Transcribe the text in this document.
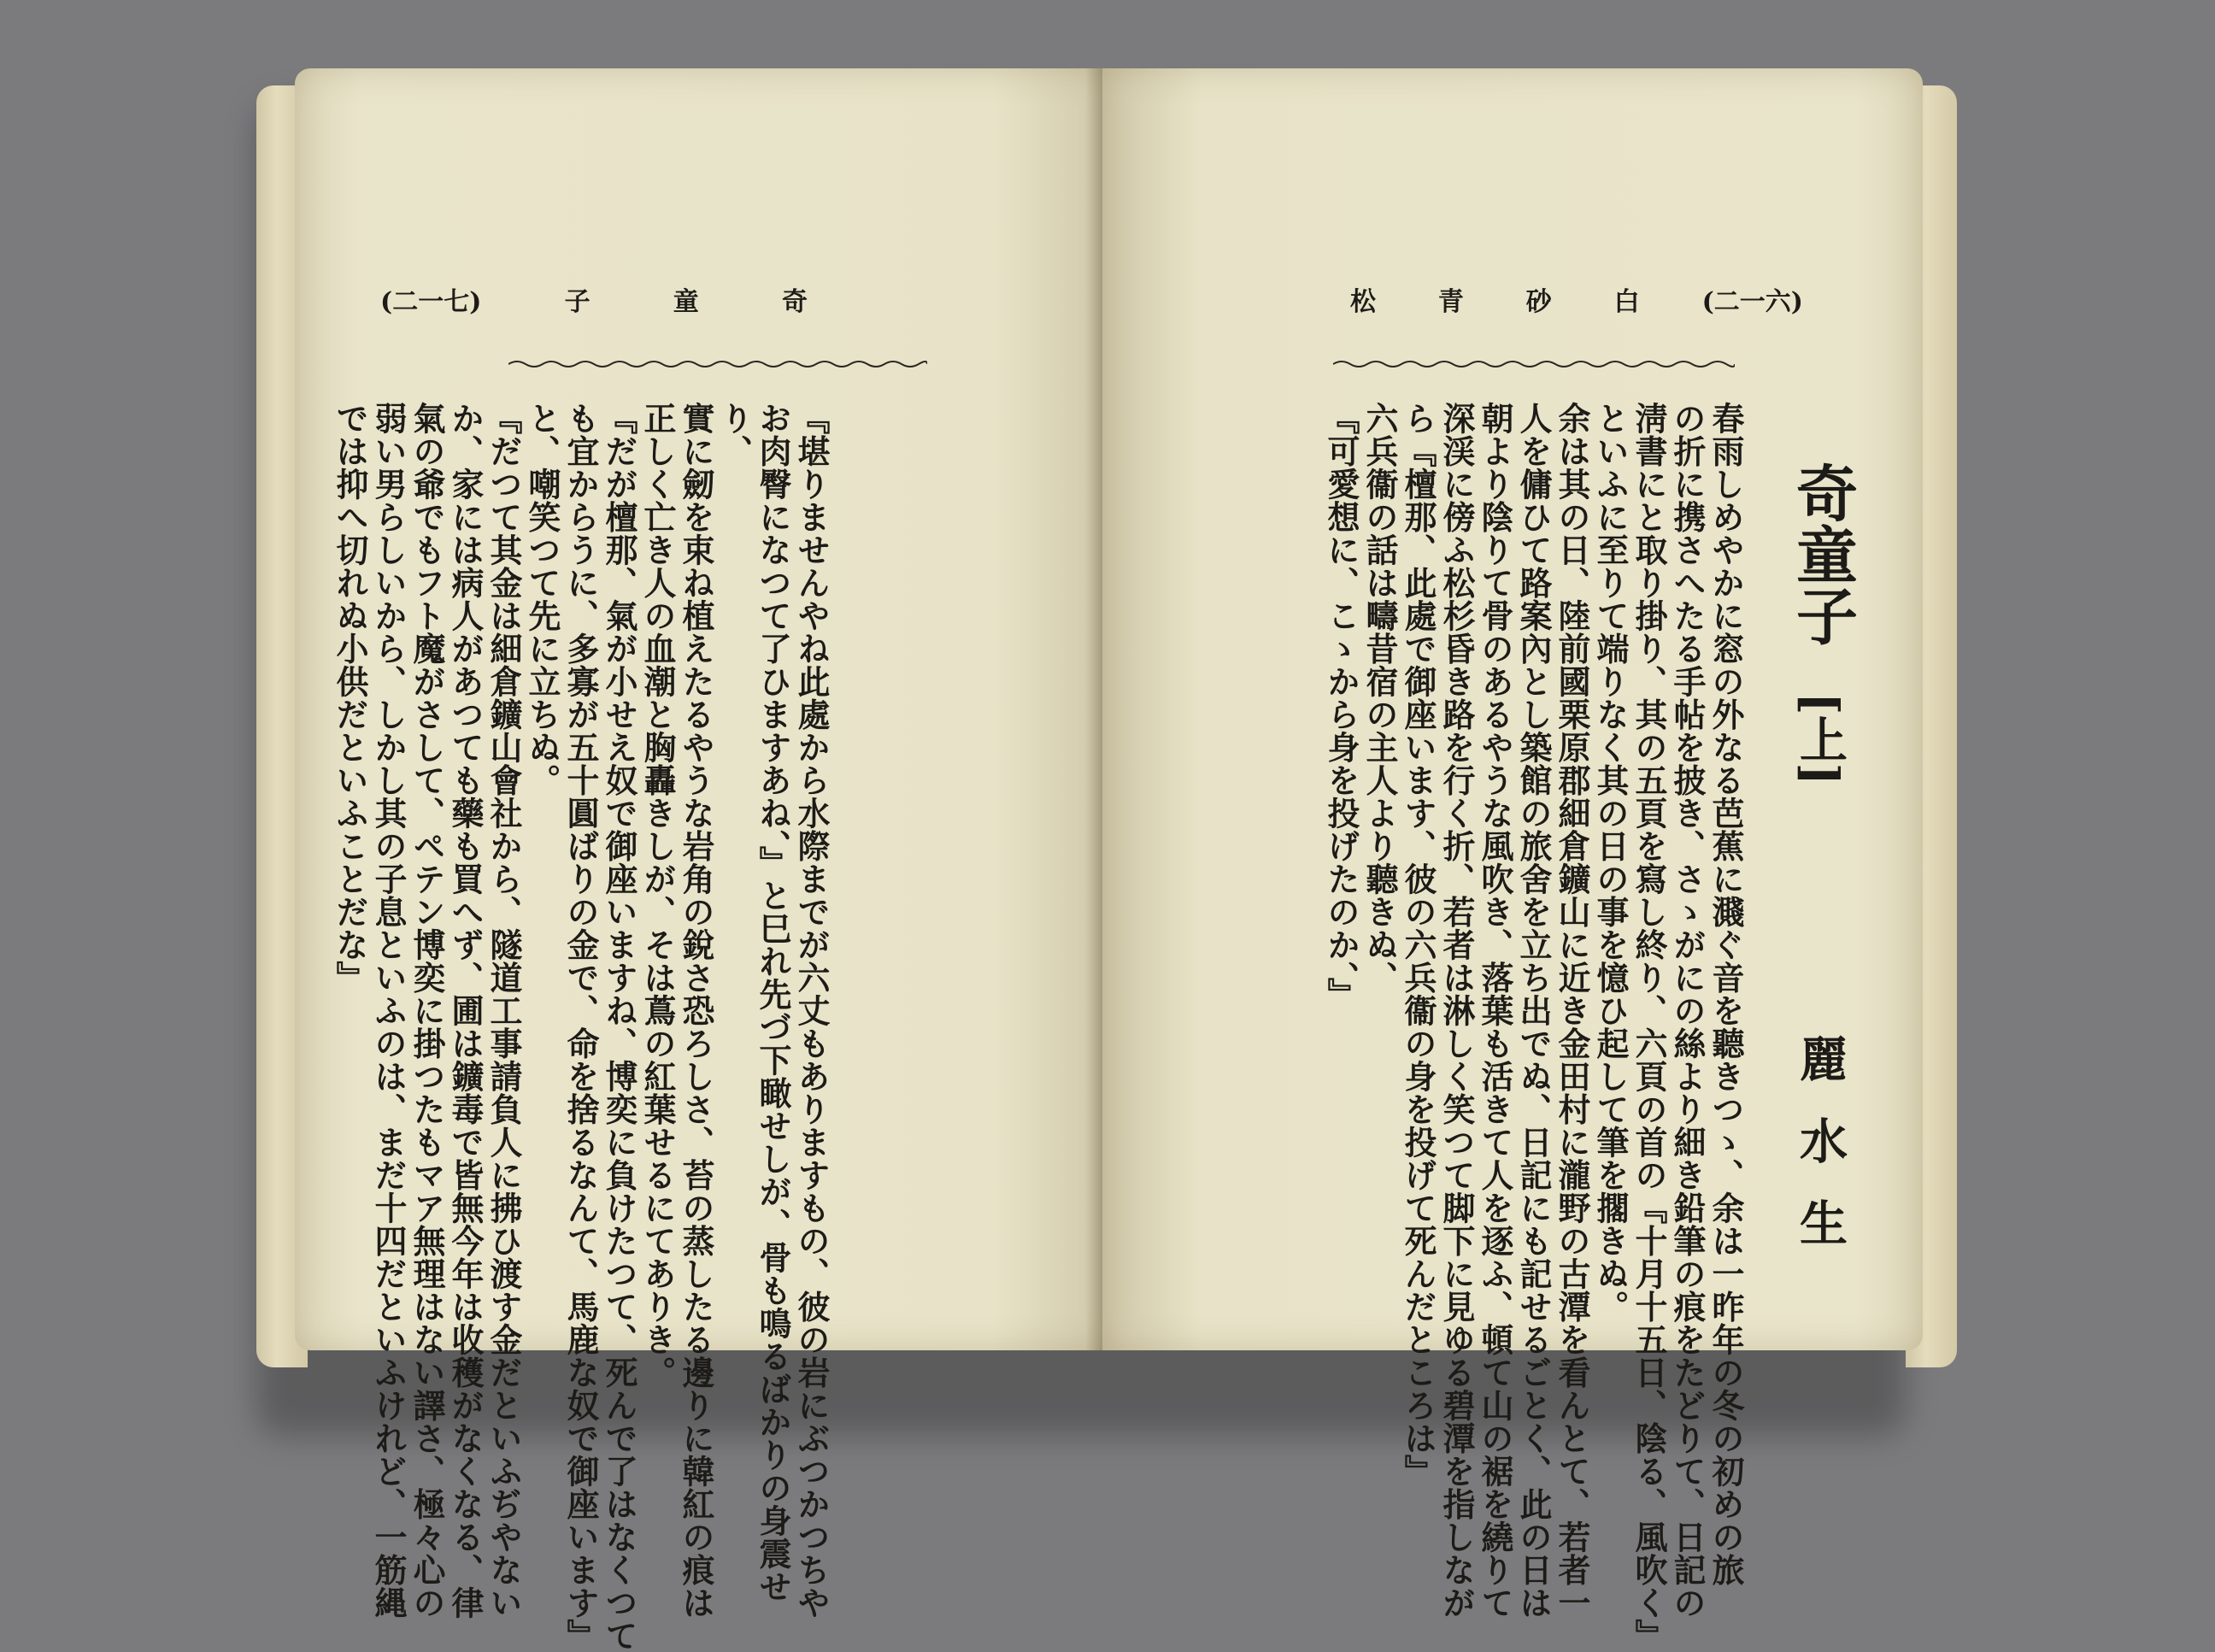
(二一七)	子	童	奇
『堪りませんやね此處から水際までが六丈もありますもの、彼の岩にぶつかつちや
お肉臀になつて了ひますあね、』と巳れ先づ下瞰せしが、骨も鳴るばかりの身震せ
り、
實に劒を束ね植えたるやうな岩角の銳さ恐ろしさ、苔の蒸したる邊りに韓紅の痕は
正しく亡き人の血潮と胸轟きしが、そは蔦の紅葉せるにてありき。
『だが檀那、氣が小せえ奴で御座いますね、博奕に負けたつて、死んで了はなくつて
も宜からうに、多寡が五十圓ばりの金で、命を捨るなんて、馬鹿な奴で御座います』
と、嘲笑つて先に立ちぬ。
『だつて其金は細倉鑛山會社から、隧道工事請負人に拂ひ渡す金だといふぢやない
か、家には病人があつても藥も買へず、圃は鑛毒で皆無今年は收穫がなくなる、律
氣の爺でもフト魔がさして、ペテン博奕に掛つたもマア無理はない譯さ、極々心の
弱い男らしいから、しかし其の子息といふのは、まだ十四だといふけれど、一筋縄
では抑へ切れぬ小供だといふことだな』
松 青 砂 白 (二一六)
奇童子
[上]
麗水生
春雨しめやかに窓の外なる芭蕉に濺ぐ音を聽きつゝ、余は一昨年の冬の初めの旅
の折に携さへたる手帖を披き、さゝがにの絲より細き鉛筆の痕をたどりて、日記の
淸書にと取り掛り、其の五頁を寫し終り、六頁の首の『十月十五日、陰る、風吹く』
といふに至りて端りなく其の日の事を憶ひ起して筆を擱きぬ。
余は其の日、陸前國栗原郡細倉鑛山に近き金田村に瀧野の古潭を看んとて、若者一
人を傭ひて路案內とし築館の旅舍を立ち出でぬ、日記にも記せるごとく、此の日は
朝より陰りて骨のあるやうな風吹き、落葉も活きて人を逐ふ、頓て山の裾を繞りて
深渓に傍ふ松杉昏き路を行く折、若者は淋しく笑つて脚下に見ゆる碧潭を指しなが
ら『檀那、此處で御座います、彼の六兵衞の身を投げて死んだところは』
六兵衞の話は疇昔宿の主人より聽きぬ、
『可愛想に、こゝから身を投げたのか、』
